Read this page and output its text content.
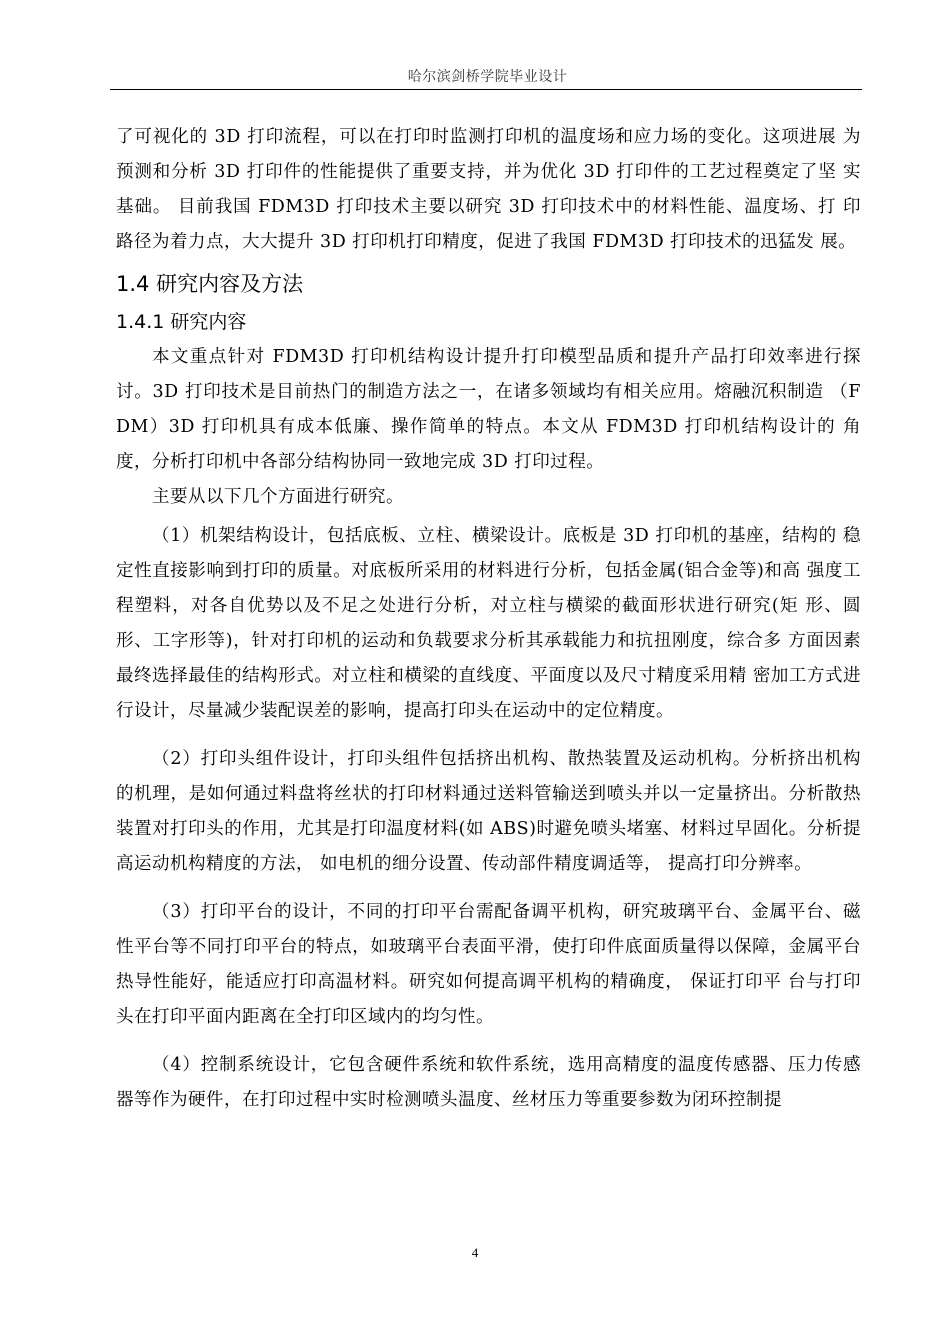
哈尔滨剑桥学院毕业设计

了可视化的 3D 打印流程，可以在打印时监测打印机的温度场和应力场的变化。这项进展 为预测和分析 3D 打印件的性能提供了重要支持，并为优化 3D 打印件的工艺过程奠定了坚 实基础。 目前我国 FDM3D 打印技术主要以研究 3D 打印技术中的材料性能、温度场、打 印路径为着力点，大大提升 3D 打印机打印精度，促进了我国 FDM3D 打印技术的迅猛发 展。

1.4 研究内容及方法
1.4.1 研究内容

本文重点针对 FDM3D 打印机结构设计提升打印模型品质和提升产品打印效率进行探 讨。3D 打印技术是目前热门的制造方法之一，在诸多领域均有相关应用。熔融沉积制造 （FDM）3D 打印机具有成本低廉、操作简单的特点。本文从 FDM3D 打印机结构设计的 角度，分析打印机中各部分结构协同一致地完成 3D 打印过程。

主要从以下几个方面进行研究。

（1）机架结构设计，包括底板、立柱、横梁设计。底板是 3D 打印机的基座，结构的 稳定性直接影响到打印的质量。对底板所采用的材料进行分析，包括金属(铝合金等)和高 强度工程塑料，对各自优势以及不足之处进行分析，对立柱与横梁的截面形状进行研究(矩 形、圆形、工字形等)，针对打印机的运动和负载要求分析其承载能力和抗扭刚度，综合多 方面因素最终选择最佳的结构形式。对立柱和横梁的直线度、平面度以及尺寸精度采用精 密加工方式进行设计，尽量减少装配误差的影响，提高打印头在运动中的定位精度。

（2）打印头组件设计，打印头组件包括挤出机构、散热装置及运动机构。分析挤出机构的机理，是如何通过料盘将丝状的打印材料通过送料管输送到喷头并以一定量挤出。分析散热装置对打印头的作用，尤其是打印温度材料(如 ABS)时避免喷头堵塞、材料过早固化。分析提高运动机构精度的方法， 如电机的细分设置、传动部件精度调适等， 提高打印分辨率。

（3）打印平台的设计，不同的打印平台需配备调平机构，研究玻璃平台、金属平台、磁性平台等不同打印平台的特点，如玻璃平台表面平滑，使打印件底面质量得以保障，金属平台热导性能好，能适应打印高温材料。研究如何提高调平机构的精确度， 保证打印平 台与打印头在打印平面内距离在全打印区域内的均匀性。

（4）控制系统设计，它包含硬件系统和软件系统，选用高精度的温度传感器、压力传感器等作为硬件，在打印过程中实时检测喷头温度、丝材压力等重要参数为闭环控制提

4
